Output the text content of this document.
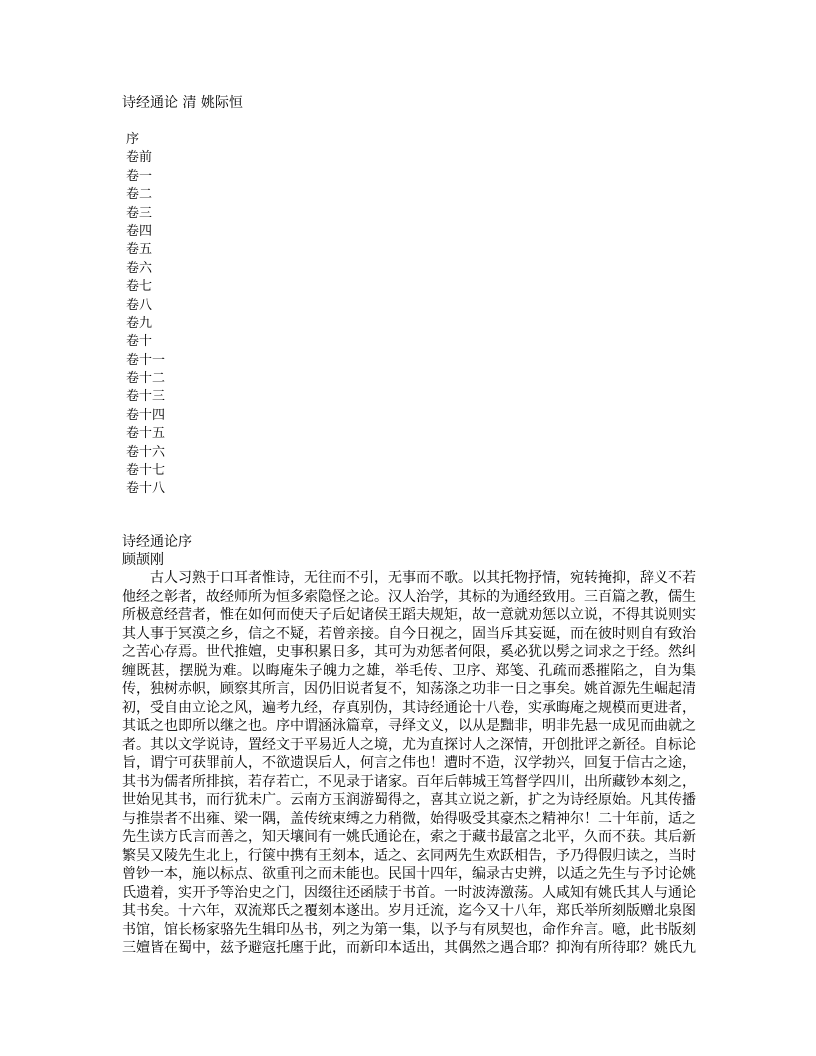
诗经通论 清 姚际恒
序
卷前
卷一
卷二
卷三
卷四
卷五
卷六
卷七
卷八
卷九
卷十
卷十一
卷十二
卷十三
卷十四
卷十五
卷十六
卷十七
卷十八
诗经通论序
顾颉刚

古人习熟于口耳者惟诗，无往而不引，无事而不歌。以其托物抒情，宛转掩抑，辞义不若他经之彰者，故经师所为恒多索隐怪之论。汉人治学，其标的为通经致用。三百篇之教，儒生所极意经营者，惟在如何而使天子后妃诸侯王蹈夫规矩，故一意就劝惩以立说，不得其说则实其人事于冥漠之乡，信之不疑，若曾亲接。自今日视之，固当斥其妄诞，而在彼时则自有致治之苦心存焉。世代推嬗，史事积累日多，其可为劝惩者何限，奚必犹以髣之词求之于经。然纠缠既甚，摆脱为难。以晦庵朱子魄力之雄，举毛传、卫序、郑笺、孔疏而悉摧陷之，自为集传，独树赤帜，顾察其所言，因仍旧说者复不，知荡涤之功非一日之事矣。姚首源先生崛起清初，受自由立论之风，遍考九经，存真别伪，其诗经通论十八卷，实承晦庵之规模而更进者，其诋之也即所以继之也。序中谓涵泳篇章，寻绎文义，以从是黜非，明非先悬一成见而曲就之者。其以文学说诗，置经文于平易近人之境，尤为直探讨人之深情，开创批评之新径。自标论旨，谓宁可获罪前人，不欲遗误后人，何言之伟也！遭时不造，汉学勃兴，回复于信古之途，其书为儒者所排摈，若存若亡，不见录于诸家。百年后韩城王笃督学四川，出所藏钞本刻之，世始见其书，而行犹未广。云南方玉润游蜀得之，喜其立说之新，扩之为诗经原始。凡其传播与推崇者不出雍、梁一隅，盖传统束缚之力稍微，始得吸受其豪杰之精神尔！二十年前，适之先生读方氏言而善之，知天壤间有一姚氏通论在，索之于藏书最富之北平，久而不获。其后新繁吴又陵先生北上，行箧中携有王刻本，适之、玄同两先生欢跃相告，予乃得假归读之，当时曾钞一本，施以标点、欲重刊之而未能也。民国十四年，编录古史辨，以适之先生与予讨论姚氏遗着，实开予等治史之门，因缀往还函牍于书首。一时波涛激荡。人咸知有姚氏其人与通论其书矣。十六年，双流郑氏之覆刻本遂出。岁月迁流，迄今又十八年，郑氏举所刻版赠北泉图书馆，馆长杨家骆先生辑印丛书，列之为第一集，以予与有夙契也，命作弁言。噫，此书版刻三嬗皆在蜀中，兹予避寇托廛于此，而新印本适出，其偶然之遇合耶？抑洵有所待耶？姚氏九
